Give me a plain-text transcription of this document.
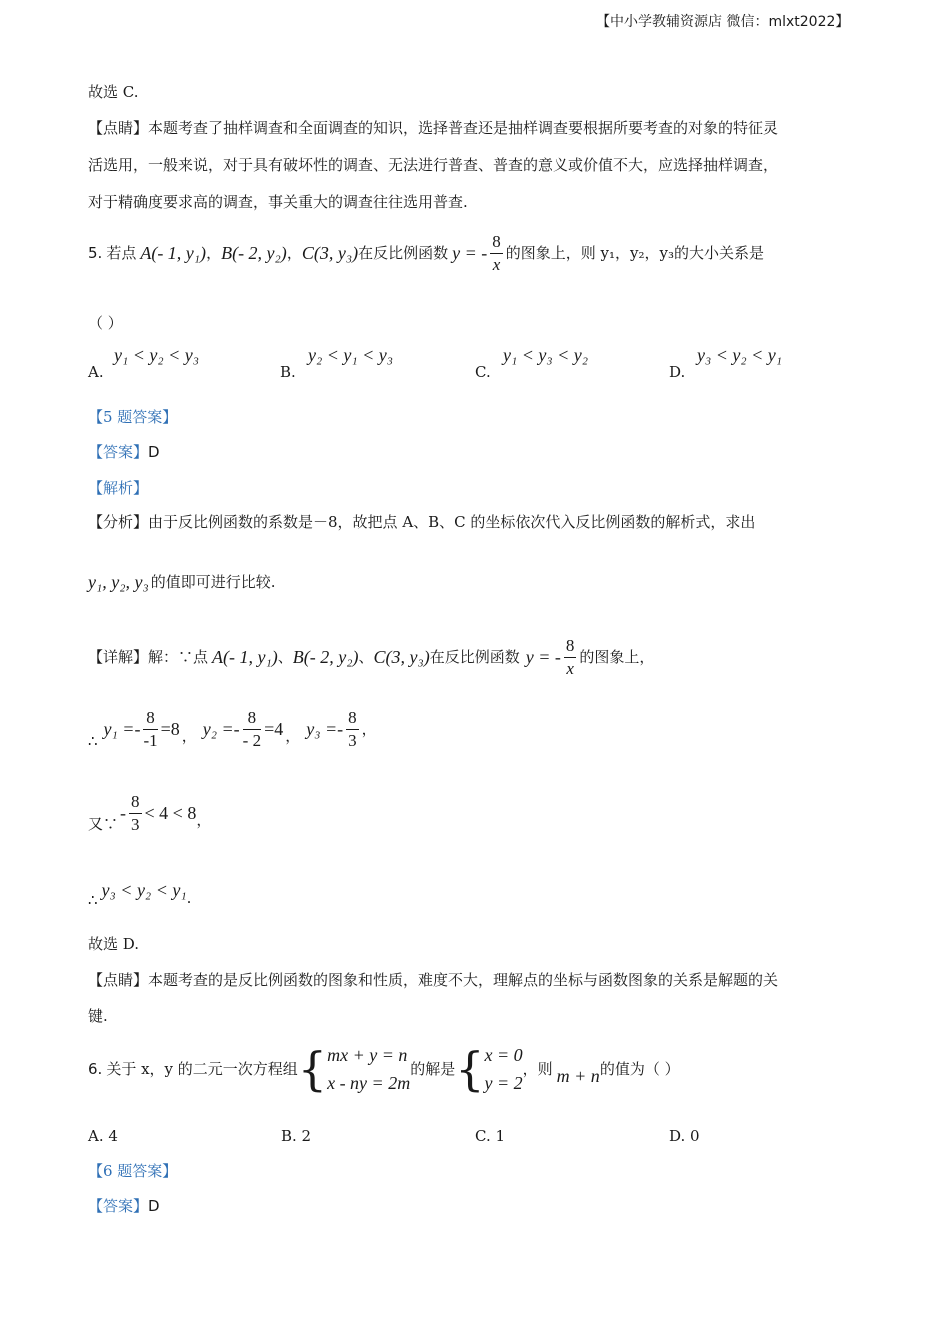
【中小学教辅资源店 微信：mlxt2022】
故选 C.
【点睛】本题考查了抽样调查和全面调查的知识，选择普查还是抽样调查要根据所要考查的对象的特征灵
活选用，一般来说，对于具有破坏性的调查、无法进行普查、普查的意义或价值不大，应选择抽样调查，
对于精确度要求高的调查，事关重大的调查往往选用普查.
5. 若点 A(- 1, y₁) ， B(- 2, y₂) ， C(3, y₃) 在反比例函数 y = - $\frac{8}{x}$ 的图象上，则 y₁，y₂，y₃的大小关系是
（ ）
A.
y₁ < y₂ < y₃
B.
y₂ < y₁ < y₃
C.
y₁ < y₃ < y₂
D.
y₃ < y₂ < y₁
【5 题答案】
【答案】D
【解析】
【分析】由于反比例函数的系数是－8，故把点 A、B、C 的坐标依次代入反比例函数的解析式，求出
y₁, y₂, y₃ 的值即可进行比较.
【详解】解：∵点 A(- 1, y₁) 、 B(- 2, y₂) 、 C(3, y₃) 在反比例函数 y = - $\frac{8}{x}$ 的图象上，
∴
$y_1 =- \frac{8}{-1} =8$ ， $y_2 =- \frac{8}{- 2} =4$ ， $y_3 =- \frac{8}{3}$ ，
又∵
- $\frac{8}{3} < 4 < 8$ ，
∴ y₃ < y₂ < y₁ .
故选 D.
【点睛】本题考查的是反比例函数的图象和性质，难度不大，理解点的坐标与函数图象的关系是解题的关
键.
6. 关于 x，y 的二元一次方程组 { mx + y = n
x - ny = 2m
的解是 { x = 0
y = 2
，则 m + n 的值为（ ）
A. 4	B. 2	C. 1	D. 0
【6 题答案】
【答案】D
